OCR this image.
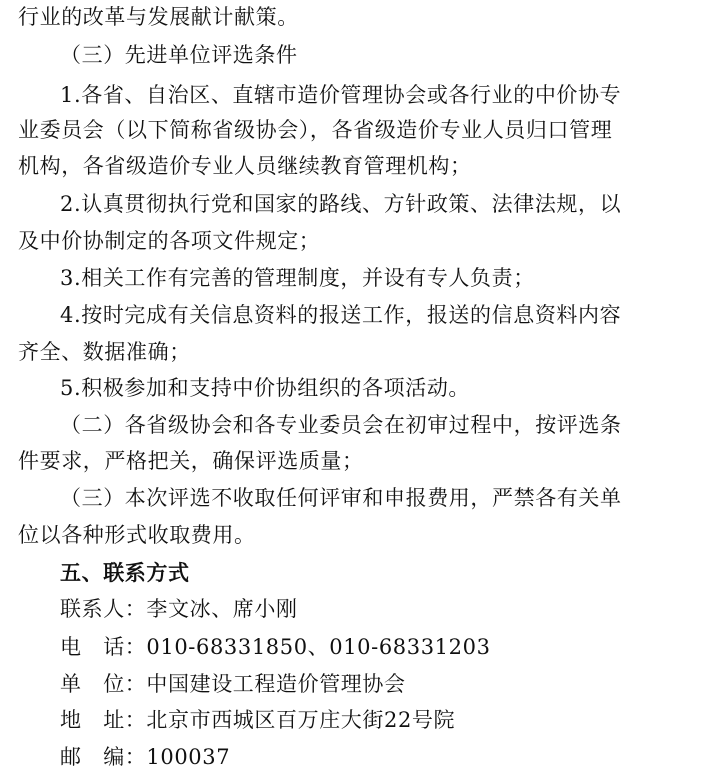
行业的改革与发展献计献策。
（三）先进单位评选条件
1.各省、自治区、直辖市造价管理协会或各行业的中价协专
业委员会（以下简称省级协会），各省级造价专业人员归口管理
机构，各省级造价专业人员继续教育管理机构；
2.认真贯彻执行党和国家的路线、方针政策、法律法规，以
及中价协制定的各项文件规定；
3.相关工作有完善的管理制度，并设有专人负责；
4.按时完成有关信息资料的报送工作，报送的信息资料内容
齐全、数据准确；
5.积极参加和支持中价协组织的各项活动。
（二）各省级协会和各专业委员会在初审过程中，按评选条
件要求，严格把关，确保评选质量；
（三）本次评选不收取任何评审和申报费用，严禁各有关单
位以各种形式收取费用。
五、联系方式
联系人：李文冰、席小刚
电　话：010-68331850、010-68331203
单　位：中国建设工程造价管理协会
地　址：北京市西城区百万庄大街22号院
邮　编：100037
